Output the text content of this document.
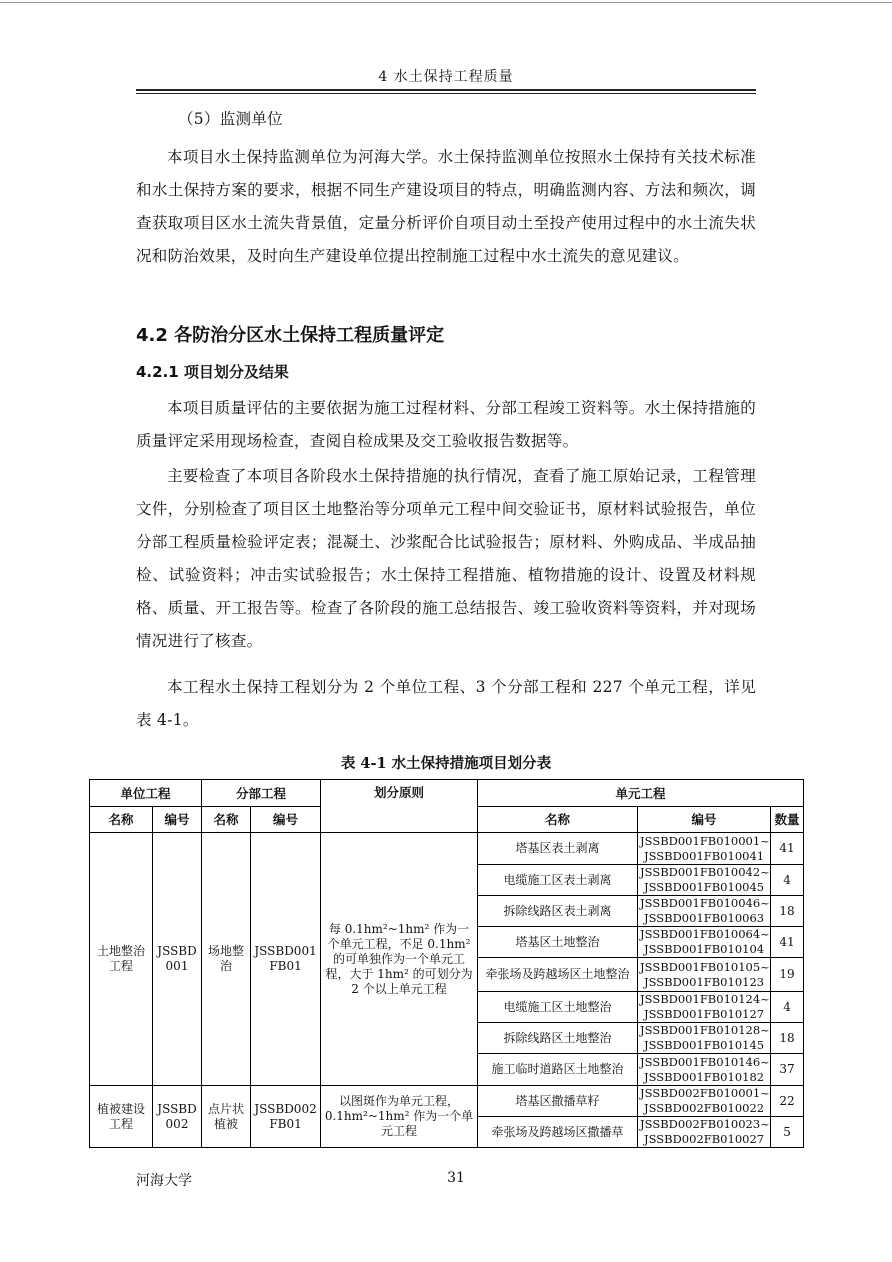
4 水土保持工程质量

（5）监测单位

本项目水土保持监测单位为河海大学。水土保持监测单位按照水土保持有关技术标准和水土保持方案的要求，根据不同生产建设项目的特点，明确监测内容、方法和频次，调查获取项目区水土流失背景值，定量分析评价自项目动土至投产使用过程中的水土流失状况和防治效果，及时向生产建设单位提出控制施工过程中水土流失的意见建议。

4.2 各防治分区水土保持工程质量评定
4.2.1 项目划分及结果

本项目质量评估的主要依据为施工过程材料、分部工程竣工资料等。水土保持措施的质量评定采用现场检查，查阅自检成果及交工验收报告数据等。

主要检查了本项目各阶段水土保持措施的执行情况，查看了施工原始记录，工程管理文件，分别检查了项目区土地整治等分项单元工程中间交验证书，原材料试验报告，单位分部工程质量检验评定表；混凝土、沙浆配合比试验报告；原材料、外购成品、半成品抽检、试验资料；冲击实试验报告；水土保持工程措施、植物措施的设计、设置及材料规格、质量、开工报告等。检查了各阶段的施工总结报告、竣工验收资料等资料，并对现场情况进行了核查。

本工程水土保持工程划分为 2 个单位工程、3 个分部工程和 227 个单元工程，详见表 4-1。

表 4-1 水土保持措施项目划分表
单位工程		分部工程		划分原则	单元工程		
名称	编号	名称	编号		名称	编号	数量
土地整治工程	JSSBD001	场地整治	JSSBD001FB01	每 0.1hm²~1hm² 作为一个单元工程，不足 0.1hm² 的可单独作为一个单元工程，大于 1hm² 的可划分为 2 个以上单元工程	塔基区表土剥离	JSSBD001FB010001~
JSSBD001FB010041	41
					电缆施工区表土剥离	JSSBD001FB010042~
JSSBD001FB010045	4
					拆除线路区表土剥离	JSSBD001FB010046~
JSSBD001FB010063	18
					塔基区土地整治	JSSBD001FB010064~
JSSBD001FB010104	41
					牵张场及跨越场区土地整治	JSSBD001FB010105~
JSSBD001FB010123	19
					电缆施工区土地整治	JSSBD001FB010124~
JSSBD001FB010127	4
					拆除线路区土地整治	JSSBD001FB010128~
JSSBD001FB010145	18
					施工临时道路区土地整治	JSSBD001FB010146~
JSSBD001FB010182	37
植被建设工程	JSSBD002	点片状植被	JSSBD002FB01	以图斑作为单元工程，0.1hm²~1hm² 作为一个单元工程	塔基区撒播草籽	JSSBD002FB010001~
JSSBD002FB010022	22
					牵张场及跨越场区撒播草	JSSBD002FB010023~
JSSBD002FB010027	5
河海大学	31
